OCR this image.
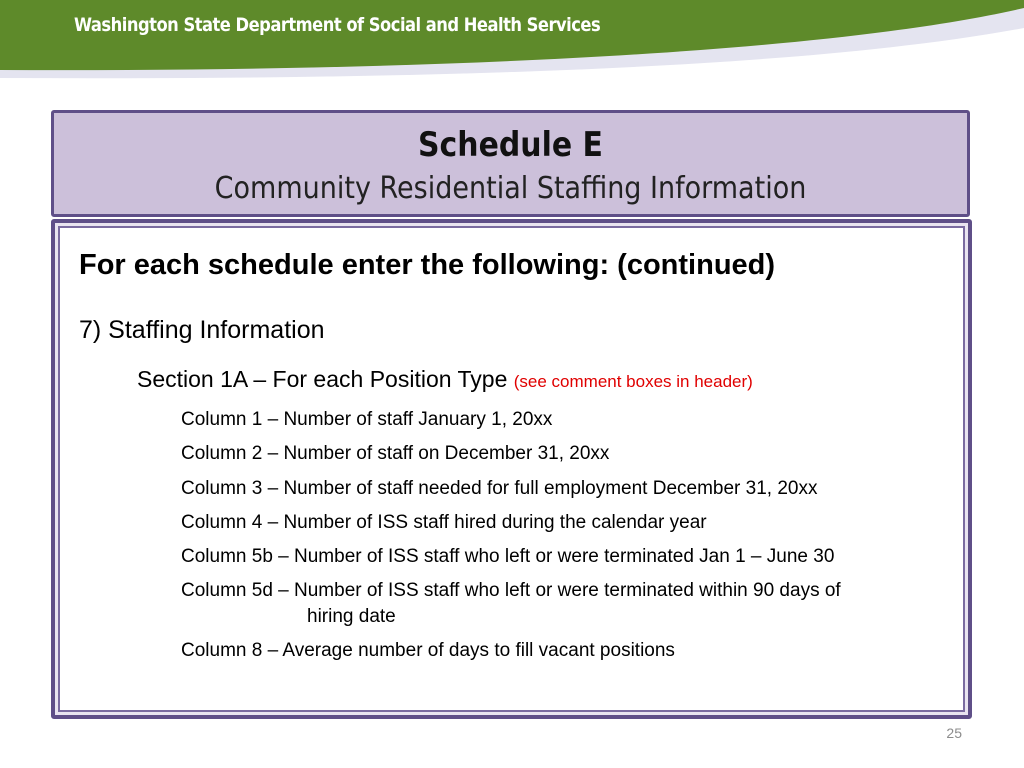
Washington State Department of Social and Health Services
Schedule E
Community Residential Staffing Information
For each schedule enter the following: (continued)
7) Staffing Information
Section 1A – For each Position Type (see comment boxes in header)
Column 1 – Number of staff January 1, 20xx
Column 2 – Number of staff on December 31, 20xx
Column 3 – Number of staff needed for full employment December 31, 20xx
Column 4 – Number of ISS staff hired during the calendar year
Column 5b – Number of ISS staff who left or were terminated Jan 1 – June 30
Column 5d – Number of ISS staff who left or were terminated within 90 days of
hiring date
Column 8 – Average number of days to fill vacant positions
25
